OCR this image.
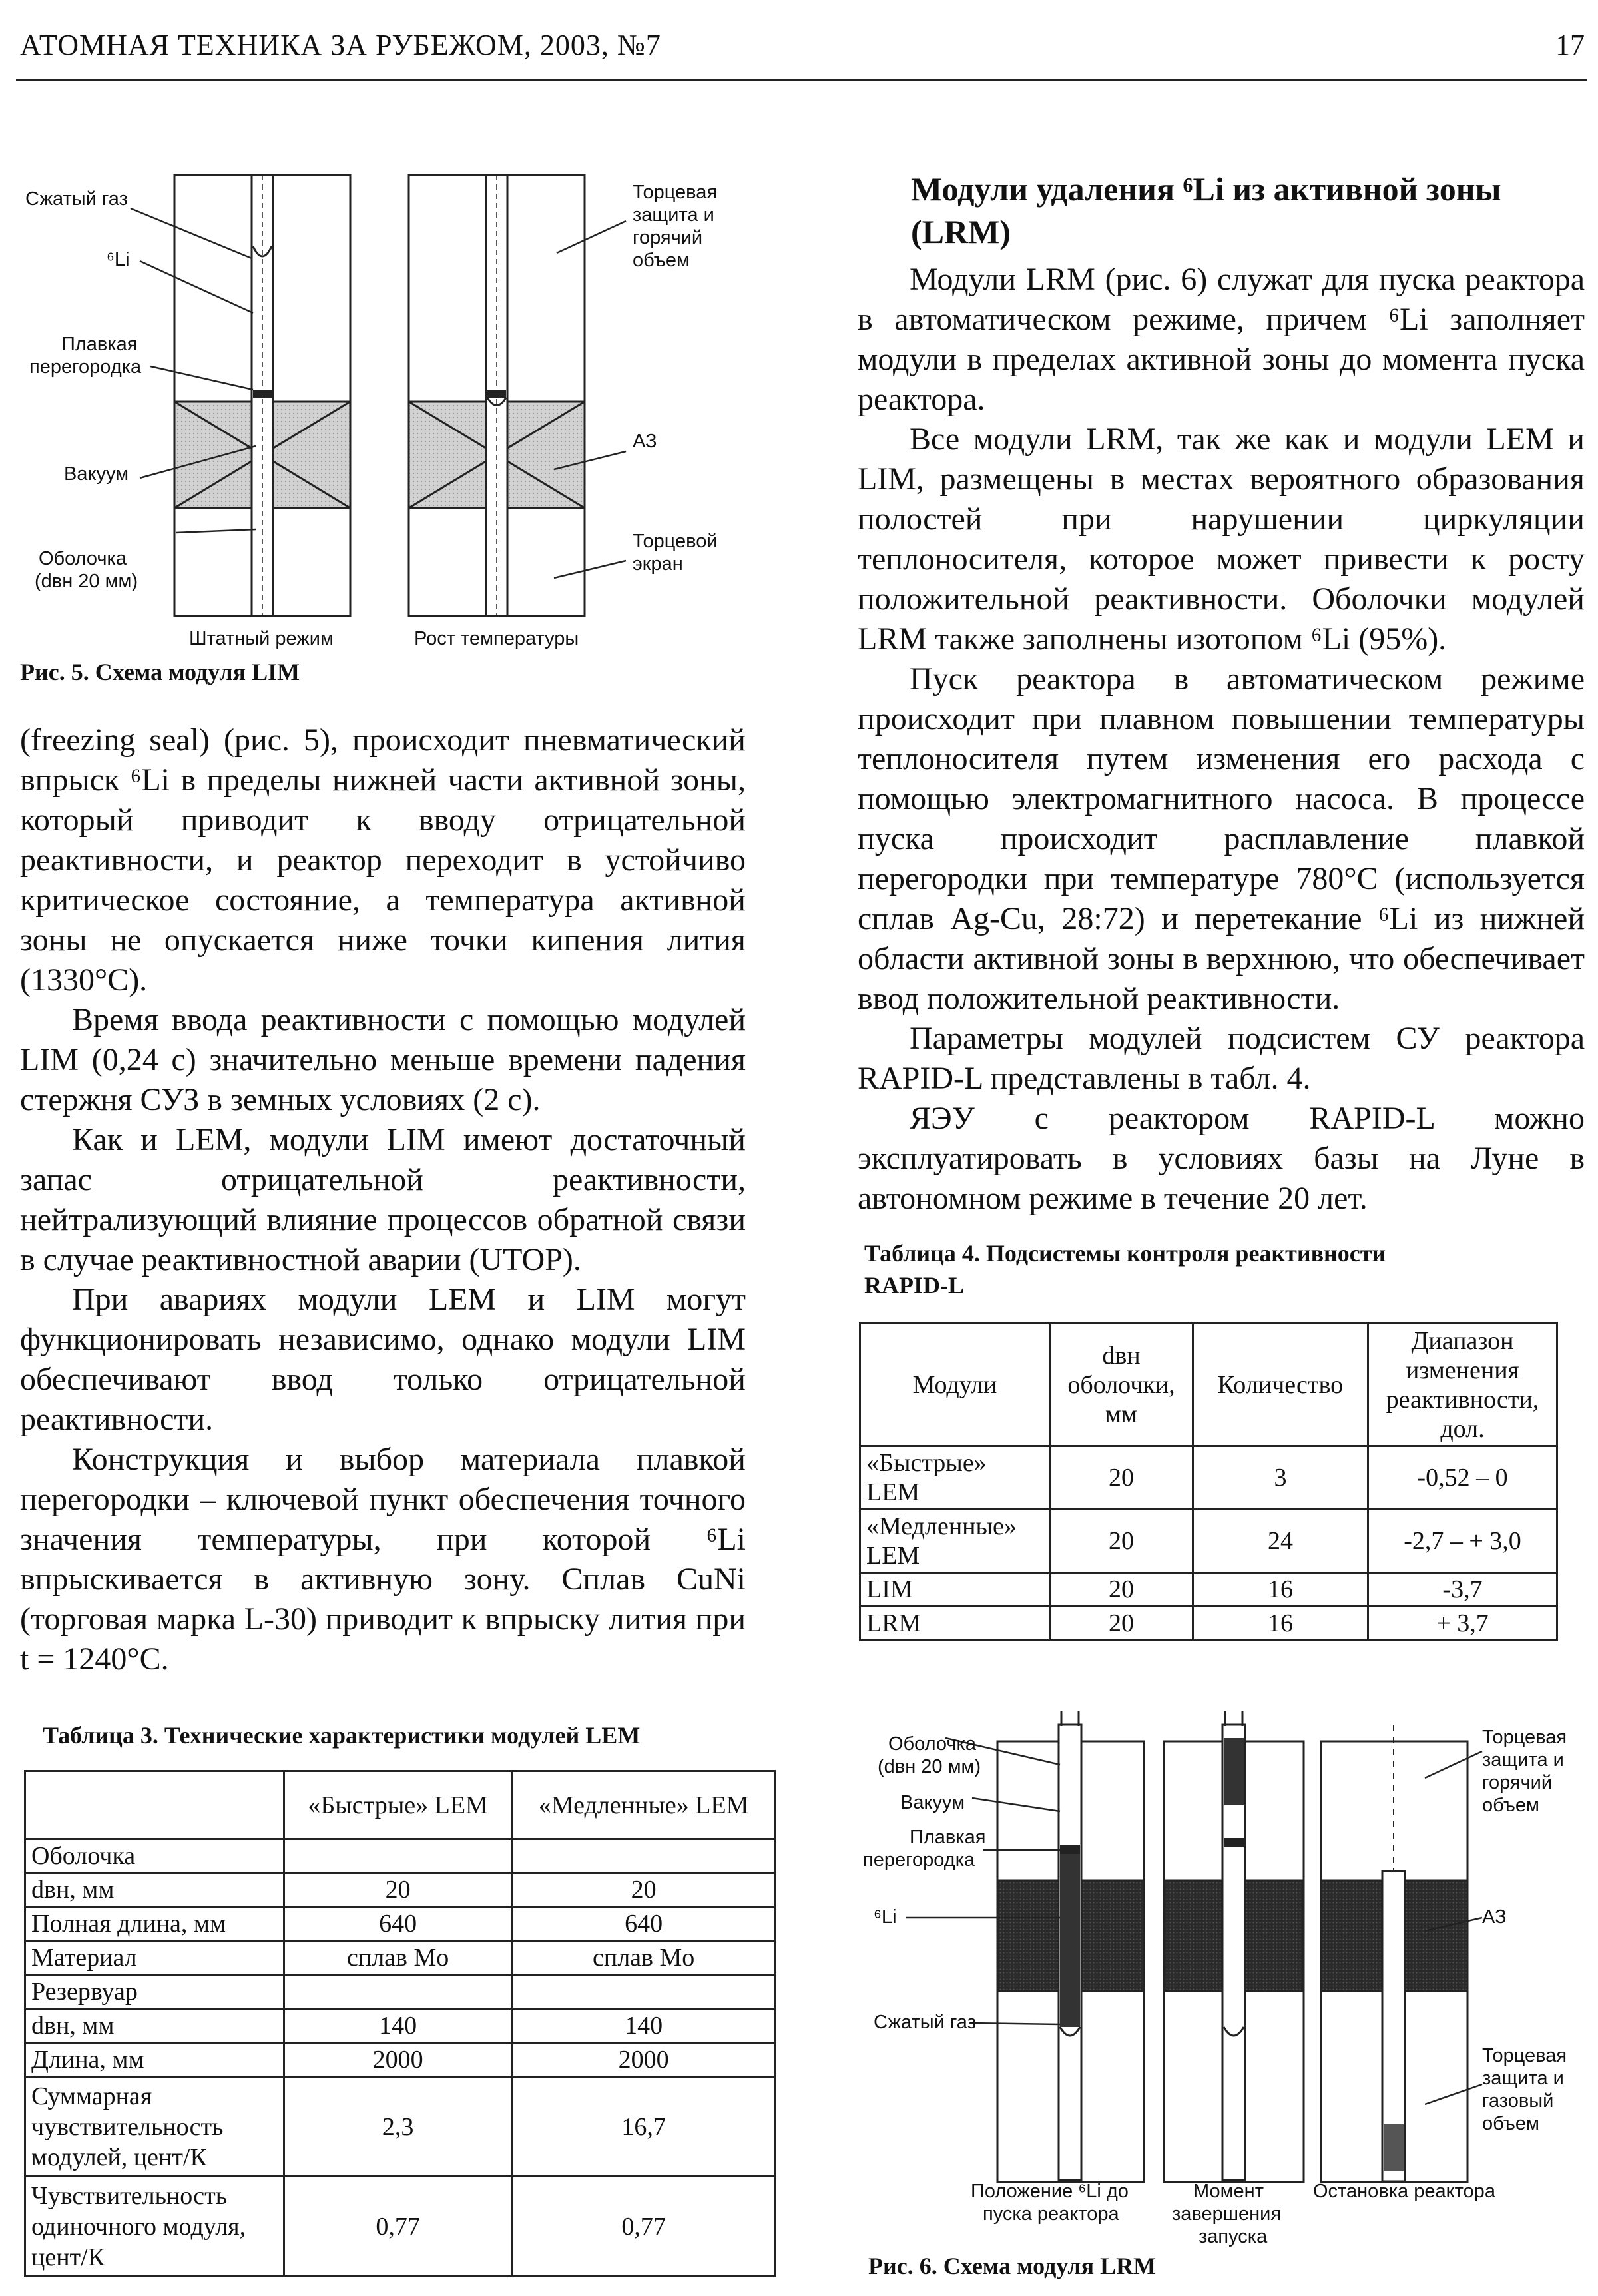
АТОМНАЯ ТЕХНИКА ЗА РУБЕЖОМ, 2003, №7	17
Сжатый газ
⁶Li
Плавкая
перегородка
Вакуум
Оболочка
(dвн 20 мм)
Торцевая
защита и
горячий
объем
АЗ
Торцевой
экран
Штатный режим	Рост температуры
Рис. 5. Схема модуля LIM

(freezing seal) (рис. 5), происходит пневматический впрыск ⁶Li в пределы нижней части активной зоны, который приводит к вводу отрицательной реактивности, и реактор переходит в устойчиво критическое состояние, а температура активной зоны не опускается ниже точки кипения лития (1330°С).

Время ввода реактивности с помощью модулей LIM (0,24 с) значительно меньше времени падения стержня СУЗ в земных условиях (2 с).

Как и LEM, модули LIM имеют достаточный запас отрицательной реактивности, нейтрализующий влияние процессов обратной связи в случае реактивностной аварии (UTOP).

При авариях модули LEM и LIM могут функционировать независимо, однако модули LIM обеспечивают ввод только отрицательной реактивности.

Конструкция и выбор материала плавкой перегородки – ключевой пункт обеспечения точного значения температуры, при которой ⁶Li впрыскивается в активную зону. Сплав CuNi (торговая марка L-30) приводит к впрыску лития при t = 1240°С.

Таблица 3. Технические характеристики модулей LEM
	«Быстрые» LEM	«Медленные» LEM
Оболочка		
dвн, мм	20	20
Полная длина, мм	640	640
Материал	сплав Mo	сплав Mo
Резервуар		
dвн, мм	140	140
Длина, мм	2000	2000
Суммарная чувствительность модулей, цент/К	2,3	16,7
Чувствительность одиночного модуля, цент/К	0,77	0,77
Модули удаления ⁶Li из активной зоны (LRM)

Модули LRM (рис. 6) служат для пуска реактора в автоматическом режиме, причем ⁶Li заполняет модули в пределах активной зоны до момента пуска реактора.

Все модули LRM, так же как и модули LEM и LIM, размещены в местах вероятного образования полостей при нарушении циркуляции теплоносителя, которое может привести к росту положительной реактивности. Оболочки модулей LRM также заполнены изотопом ⁶Li (95%).

Пуск реактора в автоматическом режиме происходит при плавном повышении температуры теплоносителя путем изменения его расхода с помощью электромагнитного насоса. В процессе пуска происходит расплавление плавкой перегородки при температуре 780°С (используется сплав Ag-Cu, 28:72) и перетекание ⁶Li из нижней области активной зоны в верхнюю, что обеспечивает ввод положительной реактивности.

Параметры модулей подсистем СУ реактора RAPID-L представлены в табл. 4.

ЯЭУ с реактором RAPID-L можно эксплуатировать в условиях базы на Луне в автономном режиме в течение 20 лет.

Таблица 4. Подсистемы контроля реактивности
RAPID-L
Модули	dвн оболочки, мм	Количество	Диапазон изменения реактивности, дол.
«Быстрые» LEM	20	3	-0,52 – 0
«Медленные» LEM	20	24	-2,7 – + 3,0
LIM	20	16	-3,7
LRM	20	16	+ 3,7
Оболочка
(dвн 20 мм)
Вакуум
Плавкая
перегородка
⁶Li
Сжатый газ
Торцевая
защита и
горячий
объем
АЗ
Торцевая
защита и
газовый
объем
Положение ⁶Li до
пуска реактора
Момент
завершения
запуска
Остановка реактора
Рис. 6. Схема модуля LRM
